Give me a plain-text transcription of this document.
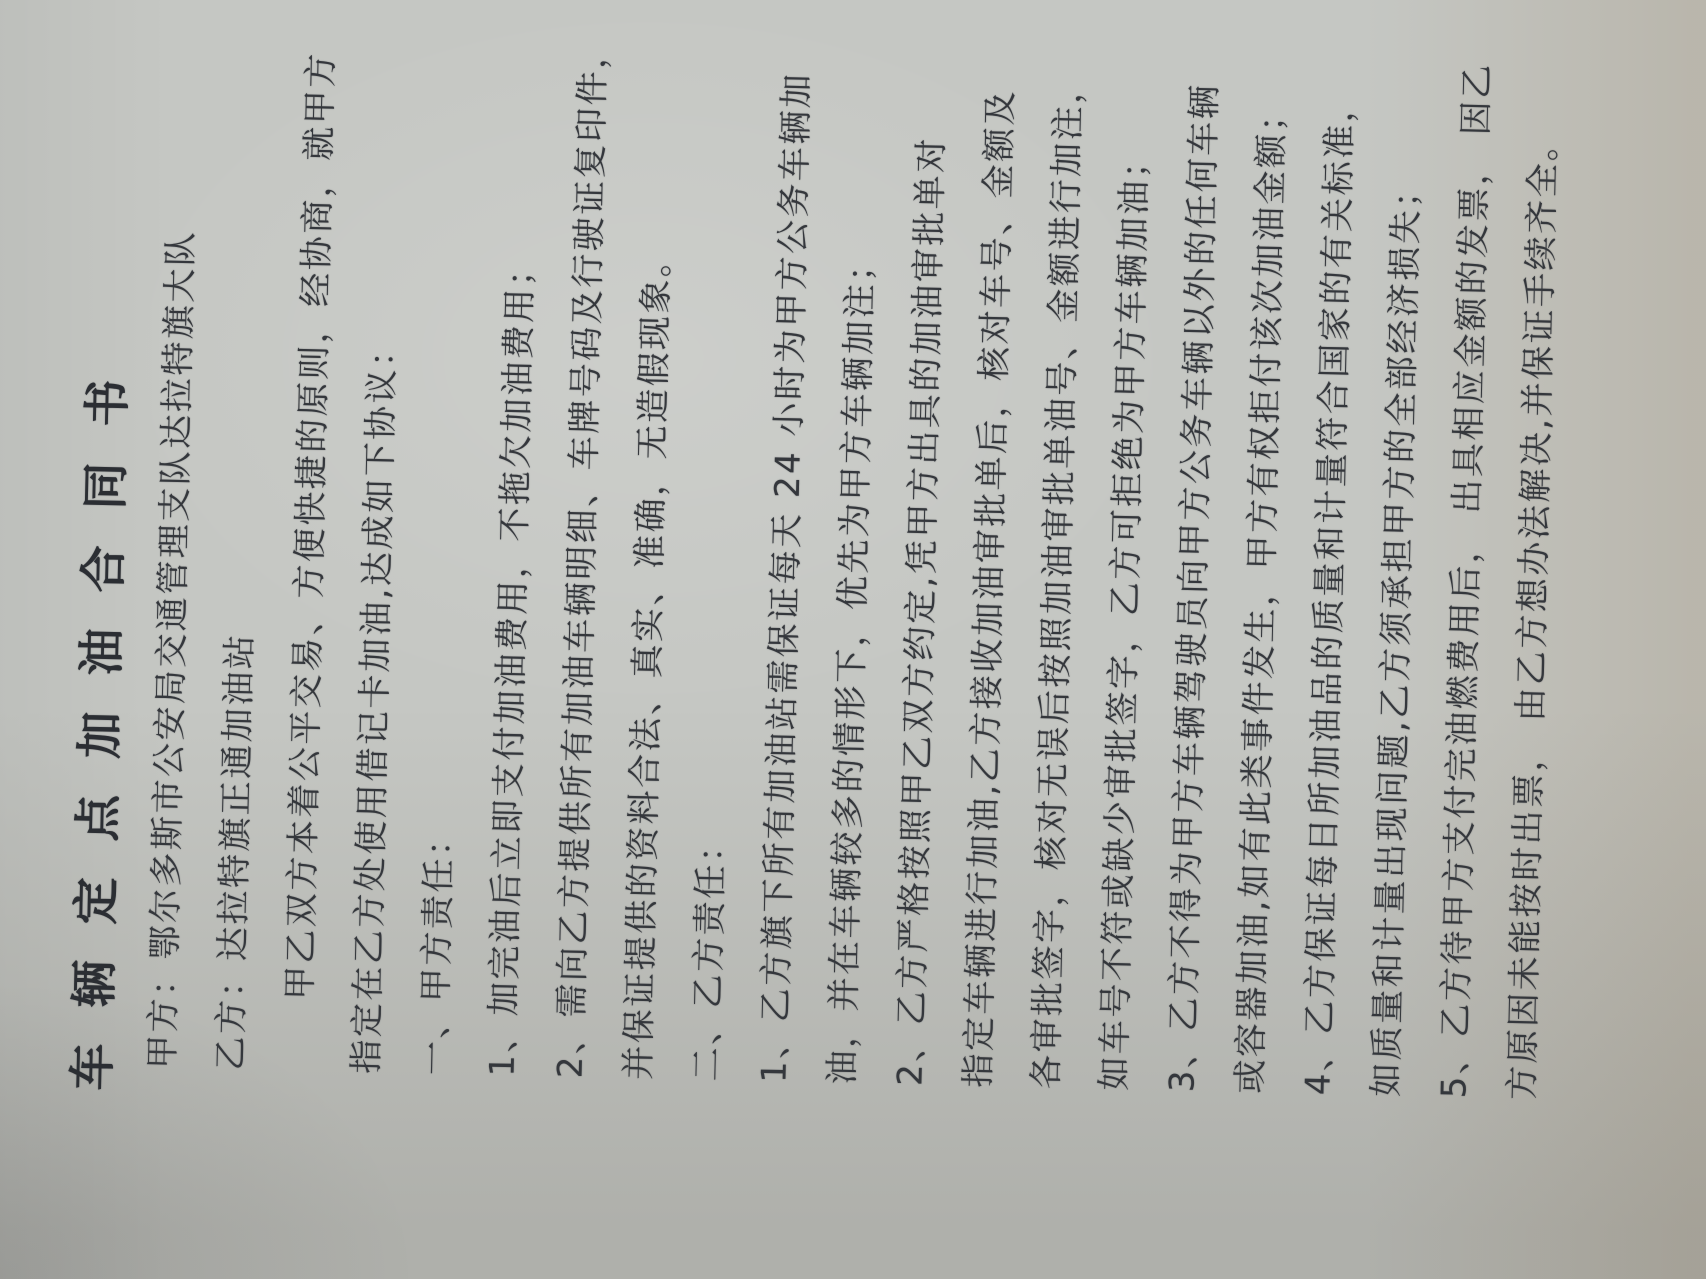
车辆定点加油合同书 甲方：鄂尔多斯市公安局交通管理支队达拉特旗大队 乙方：达拉特旗正通加油站 甲乙双方本着公平交易、方便快捷的原则，经协商，就甲方 指定在乙方处使用借记卡加油,达成如下协议： 一、甲方责任： 1、加完油后立即支付加油费用，不拖欠加油费用； 2、需向乙方提供所有加油车辆明细、车牌号码及行驶证复印件， 并保证提供的资料合法、真实、准确，无造假现象。 二、乙方责任： 1、乙方旗下所有加油站需保证每天 24 小时为甲方公务车辆加 油，并在车辆较多的情形下，优先为甲方车辆加注； 2、乙方严格按照甲乙双方约定,凭甲方出具的加油审批单对 指定车辆进行加油,乙方接收加油审批单后，核对车号、金额及 各审批签字，核对无误后按照加油审批单油号、金额进行加注， 如车号不符或缺少审批签字，乙方可拒绝为甲方车辆加油； 3、乙方不得为甲方车辆驾驶员向甲方公务车辆以外的任何车辆 或容器加油,如有此类事件发生，甲方有权拒付该次加油金额； 4、乙方保证每日所加油品的质量和计量符合国家的有关标准， 如质量和计量出现问题,乙方须承担甲方的全部经济损失； 5、乙方待甲方支付完油燃费用后， 出具相应金额的发票， 因乙 方原因未能按时出票， 由乙方想办法解决,并保证手续齐全。
